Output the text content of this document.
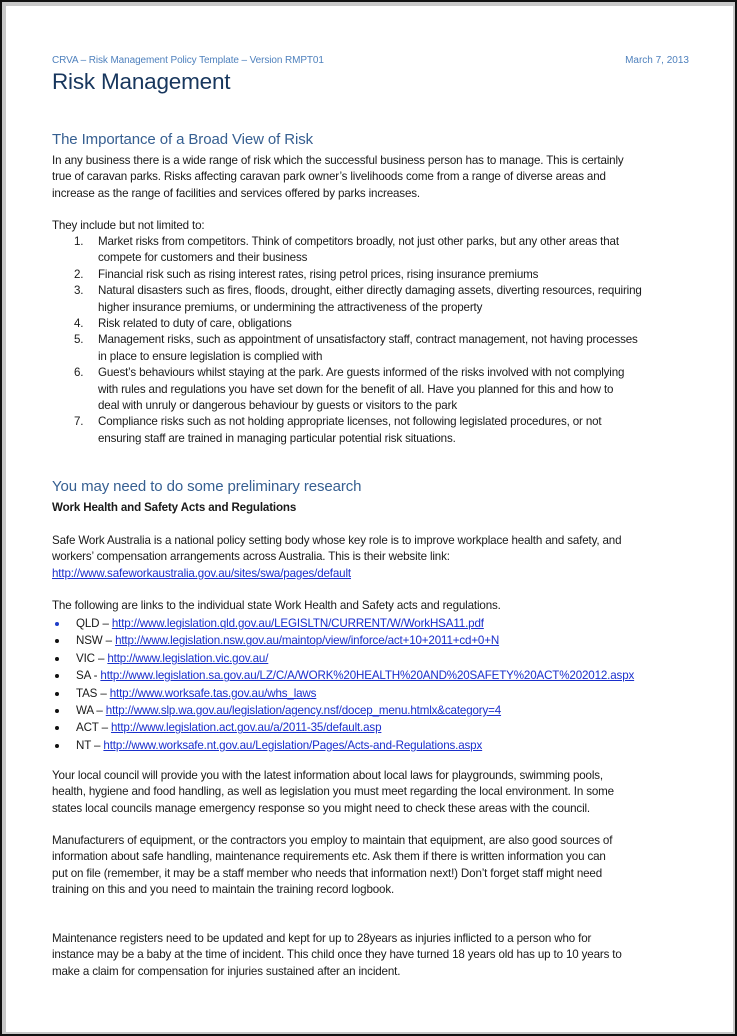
CRVA – Risk Management Policy Template – Version RMPT01	March 7, 2013
Risk Management
The Importance of a Broad View of Risk
In any business there is a wide range of risk which the successful business person has to manage. This is certainly
true of caravan parks. Risks affecting caravan park owner’s livelihoods come from a range of diverse areas and
increase as the range of facilities and services offered by parks increases.
They include but not limited to:
1. Market risks from competitors. Think of competitors broadly, not just other parks, but any other areas that
compete for customers and their business
2. Financial risk such as rising interest rates, rising petrol prices, rising insurance premiums
3. Natural disasters such as fires, floods, drought, either directly damaging assets, diverting resources, requiring
higher insurance premiums, or undermining the attractiveness of the property
4. Risk related to duty of care, obligations
5. Management risks, such as appointment of unsatisfactory staff, contract management, not having processes
in place to ensure legislation is complied with
6. Guest’s behaviours whilst staying at the park. Are guests informed of the risks involved with not complying
with rules and regulations you have set down for the benefit of all. Have you planned for this and how to
deal with unruly or dangerous behaviour by guests or visitors to the park
7. Compliance risks such as not holding appropriate licenses, not following legislated procedures, or not
ensuring staff are trained in managing particular potential risk situations.
You may need to do some preliminary research
Work Health and Safety Acts and Regulations
Safe Work Australia is a national policy setting body whose key role is to improve workplace health and safety, and
workers’ compensation arrangements across Australia. This is their website link:
http://www.safeworkaustralia.gov.au/sites/swa/pages/default
The following are links to the individual state Work Health and Safety acts and regulations.
QLD – http://www.legislation.qld.gov.au/LEGISLTN/CURRENT/W/WorkHSA11.pdf
NSW – http://www.legislation.nsw.gov.au/maintop/view/inforce/act+10+2011+cd+0+N
VIC – http://www.legislation.vic.gov.au/
SA - http://www.legislation.sa.gov.au/LZ/C/A/WORK%20HEALTH%20AND%20SAFETY%20ACT%202012.aspx
TAS – http://www.worksafe.tas.gov.au/whs_laws
WA – http://www.slp.wa.gov.au/legislation/agency.nsf/docep_menu.htmlx&category=4
ACT – http://www.legislation.act.gov.au/a/2011-35/default.asp
NT – http://www.worksafe.nt.gov.au/Legislation/Pages/Acts-and-Regulations.aspx
Your local council will provide you with the latest information about local laws for playgrounds, swimming pools,
health, hygiene and food handling, as well as legislation you must meet regarding the local environment. In some
states local councils manage emergency response so you might need to check these areas with the council.
Manufacturers of equipment, or the contractors you employ to maintain that equipment, are also good sources of
information about safe handling, maintenance requirements etc. Ask them if there is written information you can
put on file (remember, it may be a staff member who needs that information next!) Don’t forget staff might need
training on this and you need to maintain the training record logbook.
Maintenance registers need to be updated and kept for up to 28years as injuries inflicted to a person who for
instance may be a baby at the time of incident. This child once they have turned 18 years old has up to 10 years to
make a claim for compensation for injuries sustained after an incident.
